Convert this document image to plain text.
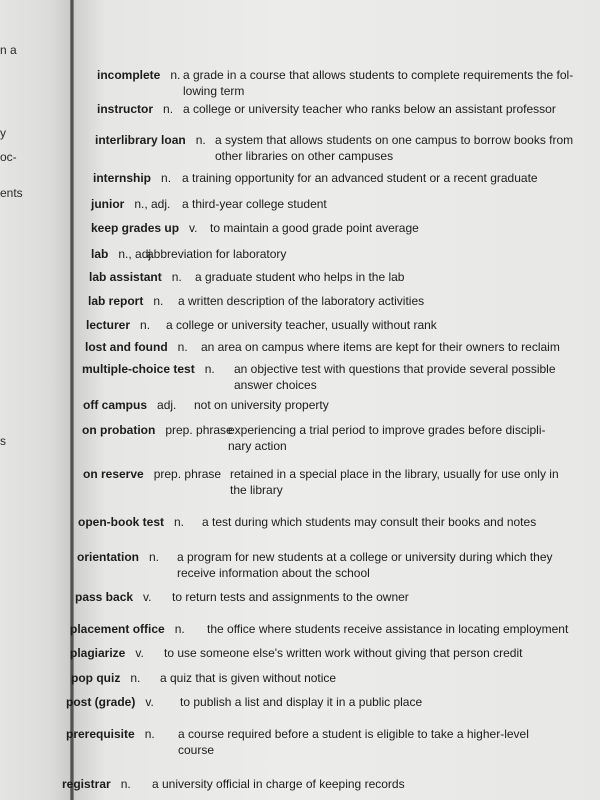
n a
y
oc-
ents
s
incomplete n. a grade in a course that allows students to complete requirements the fol-
lowing term
instructor n. a college or university teacher who ranks below an assistant professor
interlibrary loan n. a system that allows students on one campus to borrow books from
other libraries on other campuses
internship n. a training opportunity for an advanced student or a recent graduate
junior n., adj. a third-year college student
keep grades up v. to maintain a good grade point average
lab n., adj.
abbreviation for laboratory
lab assistant n. a graduate student who helps in the lab
lab report n. a written description of the laboratory activities
lecturer n. a college or university teacher, usually without rank
lost and found n. an area on campus where items are kept for their owners to reclaim
multiple-choice test n. an objective test with questions that provide several possible
answer choices
off campus adj. not on university property
on probation prep. phrase
experiencing a trial period to improve grades before discipli-
nary action
on reserve prep. phrase retained in a special place in the library, usually for use only in
the library
open-book test n. a test during which students may consult their books and notes
orientation n. a program for new students at a college or university during which they
receive information about the school
pass back v. to return tests and assignments to the owner
placement office n. the office where students receive assistance in locating employment
plagiarize v. to use someone else's written work without giving that person credit
pop quiz n. a quiz that is given without notice
post (grade) v. to publish a list and display it in a public place
prerequisite n. a course required before a student is eligible to take a higher-level
course
registrar n. a university official in charge of keeping records
